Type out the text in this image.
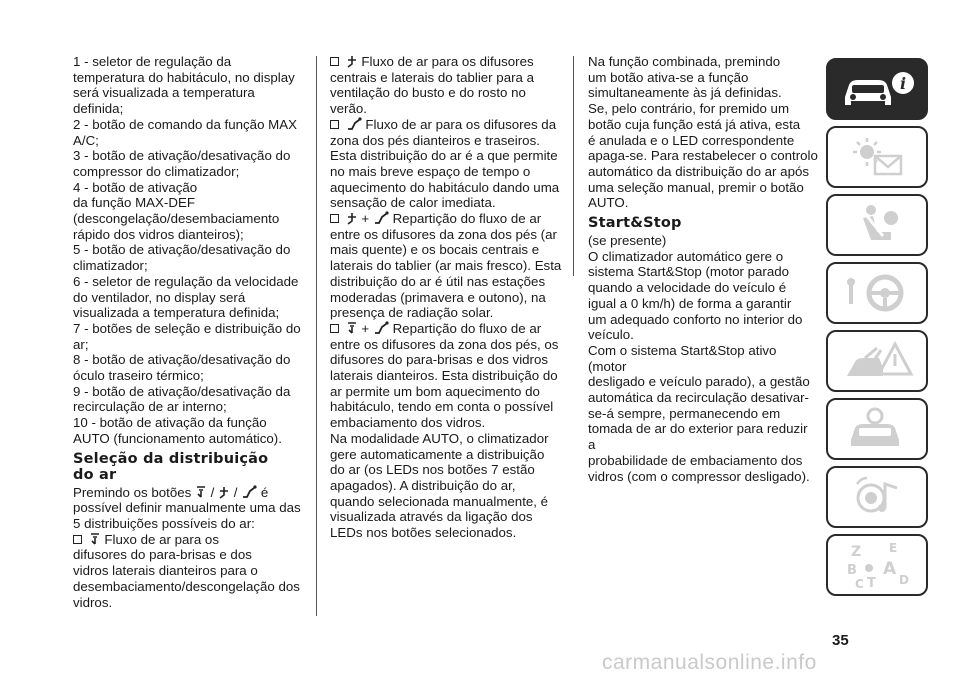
1 - seletor de regulação da

temperatura do habitáculo, no display

será visualizada a temperatura definida;

2 - botão de comando da função MAX

A/C;

3 - botão de ativação/desativação do

compressor do climatizador;

4 - botão de ativação

da função MAX-DEF

(descongelação/desembaciamento

rápido dos vidros dianteiros);

5 - botão de ativação/desativação do

climatizador;

6 - seletor de regulação da velocidade

do ventilador, no display será

visualizada a temperatura definida;

7 - botões de seleção e distribuição do

ar;

8 - botão de ativação/desativação do

óculo traseiro térmico;

9 - botão de ativação/desativação da

recirculação de ar interno;

10 - botão de ativação da função

AUTO (funcionamento automático).

Seleção da distribuição
do ar

Premindo os botões / / é

possível definir manualmente uma das

5 distribuições possíveis do ar:

Fluxo de ar para os

difusores do para-brisas e dos

vidros laterais dianteiros para o

desembaciamento/descongelação dos

vidros.

Fluxo de ar para os difusores

centrais e laterais do tablier para a

ventilação do busto e do rosto no

verão.

Fluxo de ar para os difusores da

zona dos pés dianteiros e traseiros.

Esta distribuição do ar é a que permite

no mais breve espaço de tempo o

aquecimento do habitáculo dando uma

sensação de calor imediata.

+ Repartição do fluxo de ar

entre os difusores da zona dos pés (ar

mais quente) e os bocais centrais e

laterais do tablier (ar mais fresco). Esta

distribuição do ar é útil nas estações

moderadas (primavera e outono), na

presença de radiação solar.

+ Repartição do fluxo de ar

entre os difusores da zona dos pés, os

difusores do para-brisas e dos vidros

laterais dianteiros. Esta distribuição do

ar permite um bom aquecimento do

habitáculo, tendo em conta o possível

embaciamento dos vidros.

Na modalidade AUTO, o climatizador

gere automaticamente a distribuição

do ar (os LEDs nos botões 7 estão

apagados). A distribuição do ar,

quando selecionada manualmente, é

visualizada através da ligação dos

LEDs nos botões selecionados.

Na função combinada, premindo

um botão ativa-se a função

simultaneamente às já definidas.

Se, pelo contrário, for premido um

botão cuja função está já ativa, esta

é anulada e o LED correspondente

apaga-se. Para restabelecer o controlo

automático da distribuição do ar após

uma seleção manual, premir o botão

AUTO.

Start&Stop

(se presente)

O climatizador automático gere o

sistema Start&Stop (motor parado

quando a velocidade do veículo é

igual a 0 km/h) de forma a garantir

um adequado conforto no interior do

veículo.

Com o sistema Start&Stop ativo (motor

desligado e veículo parado), a gestão

automática da recirculação desativar-

se-á sempre, permanecendo em

tomada de ar do exterior para reduzir a

probabilidade de embaciamento dos

vidros (com o compressor desligado).

i
Z E
B A
C T D
35
carmanualsonline.info
